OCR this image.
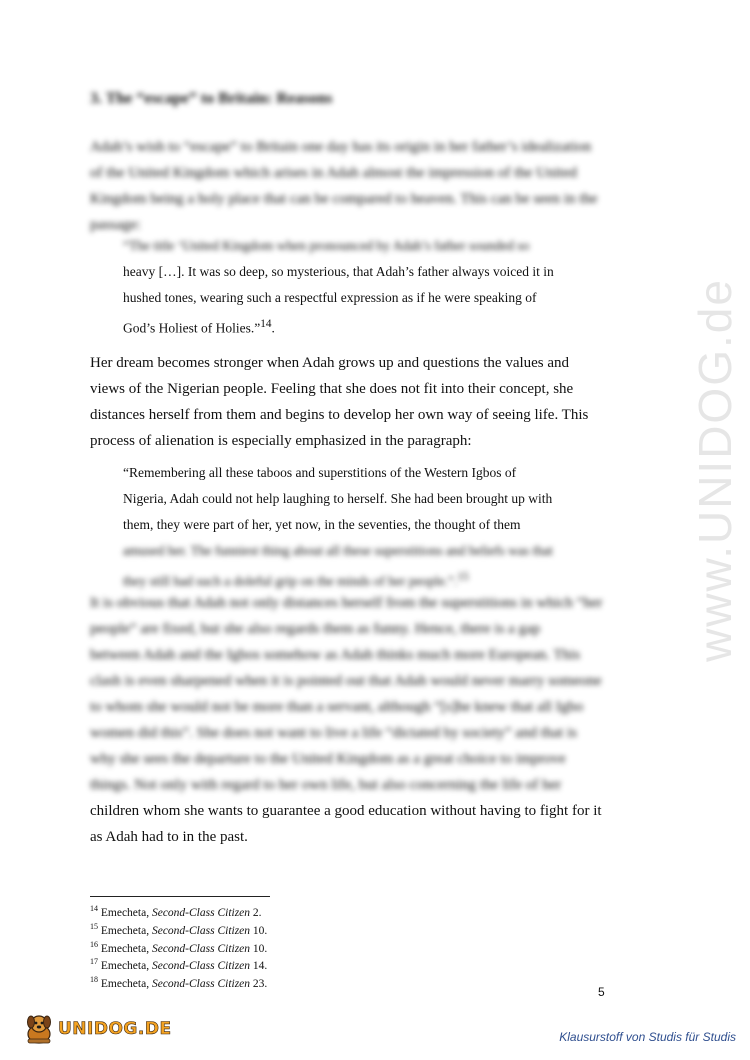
www.UNIDOG.de
3. The “escape” to Britain: Reasons
Adah’s wish to “escape” to Britain one day has its origin in her father’s idealization
of the United Kingdom which arises in Adah almost the impression of the United
Kingdom being a holy place that can be compared to heaven. This can be seen in the
passage:
“The title ‘United Kingdom when pronounced by Adah’s father sounded so
heavy […]. It was so deep, so mysterious, that Adah’s father always voiced it in
hushed tones, wearing such a respectful expression as if he were speaking of
God’s Holiest of Holies.”$^{14}$.
Her dream becomes stronger when Adah grows up and questions the values and
views of the Nigerian people. Feeling that she does not fit into their concept, she
distances herself from them and begins to develop her own way of seeing life. This
process of alienation is especially emphasized in the paragraph:
“Remembering all these taboos and superstitions of the Western Igbos of
Nigeria, Adah could not help laughing to herself. She had been brought up with
them, they were part of her, yet now, in the seventies, the thought of them
amused her. The funniest thing about all these superstitions and beliefs was that
they still had such a doleful grip on the minds of her people.”.$^{15}$
It is obvious that Adah not only distances herself from the superstitions in which “her
people” are fixed, but she also regards them as funny. Hence, there is a gap
between Adah and the Igbos somehow as Adah thinks much more European. This
clash is even sharpened when it is pointed out that Adah would never marry someone
to whom she would not be more than a servant, although “[s]he knew that all Igbo
women did this”. She does not want to live a life “dictated by society” and that is
why she sees the departure to the United Kingdom as a great choice to improve
things. Not only with regard to her own life, but also concerning the life of her
children whom she wants to guarantee a good education without having to fight for it
as Adah had to in the past.
$^{14}$ Emecheta, Second-Class Citizen 2.
$^{15}$ Emecheta, Second-Class Citizen 10.
$^{16}$ Emecheta, Second-Class Citizen 10.
$^{17}$ Emecheta, Second-Class Citizen 14.
$^{18}$ Emecheta, Second-Class Citizen 23.
5
UNIDOG.DE	Klausurstoff von Studis für Studis
